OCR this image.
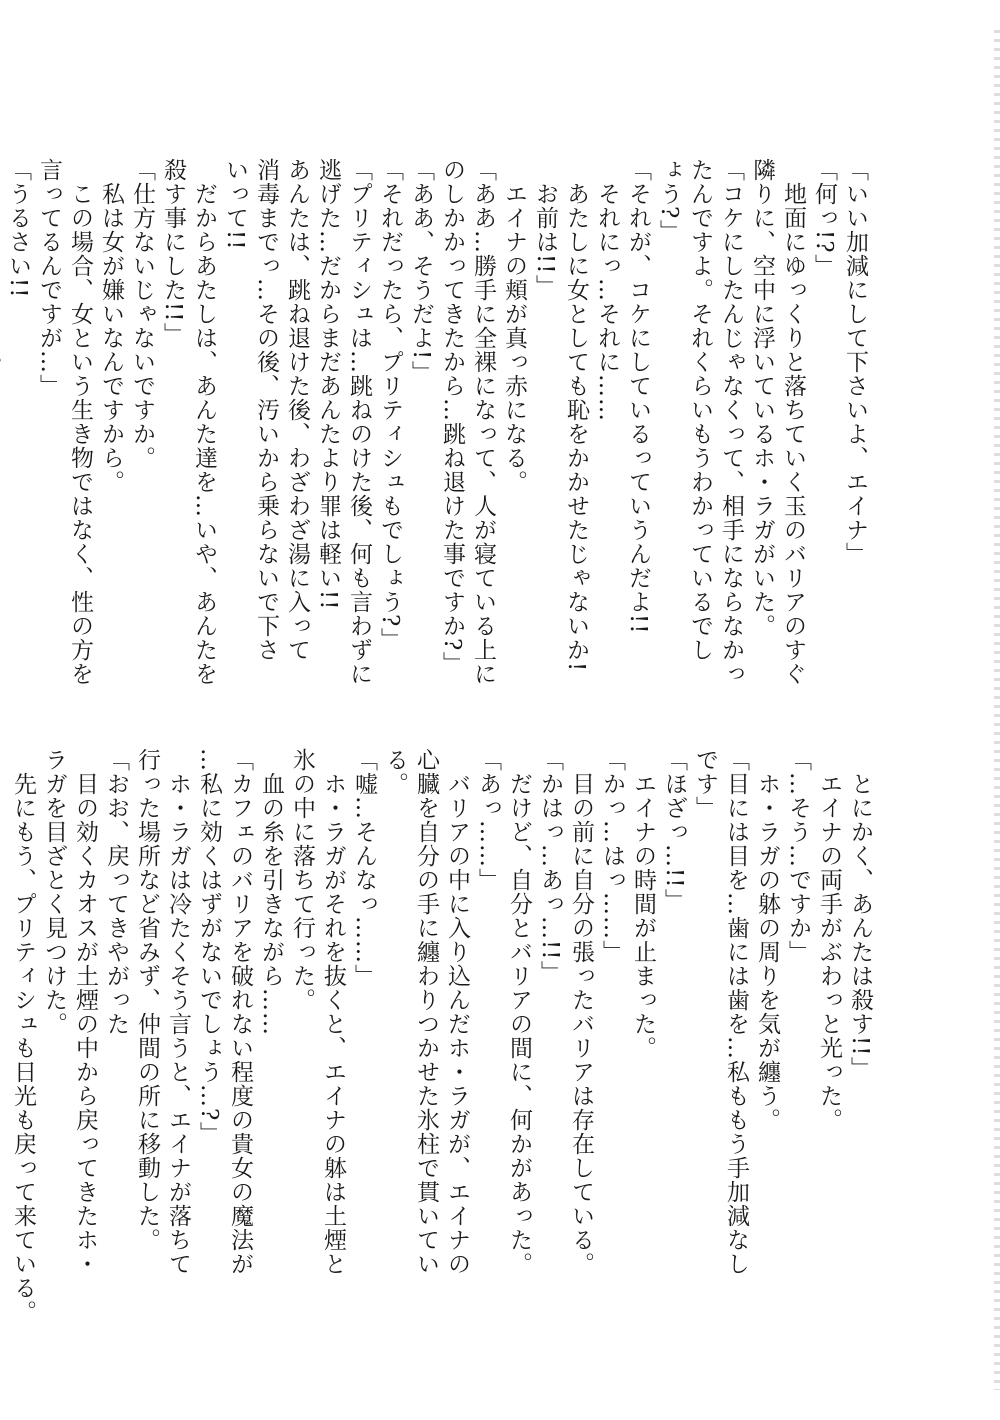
「いい加減にして下さいよ、エイナ」
「何っ!?」
　地面にゆっくりと落ちていく玉のバリアのすぐ
隣りに、空中に浮いているホ・ラガがいた。
「コケにしたんじゃなくって、相手にならなかっ
たんですよ。それくらいもうわかっているでし
ょう?」
「それが、コケにしているっていうんだよ!!
　それにっ…それに……
　あたしに女としても恥をかかせたじゃないか!
　お前は!!」
　エイナの頬が真っ赤になる。
「ああ…勝手に全裸になって、人が寝ている上に
のしかかってきたから…跳ね退けた事ですか?」
「ああ、そうだよ!」
「それだったら、プリティシュもでしょう?」
「プリティシュは…跳ねのけた後、何も言わずに
逃げた…だからまだあんたより罪は軽い!!
あんたは、跳ね退けた後、わざわざ湯に入って
消毒までっ…その後、汚いから乗らないで下さ
いって!!
　だからあたしは、あんた達を…いや、あんたを
殺す事にした!!」
「仕方ないじゃないですか。
　私は女が嫌いなんですから。
　この場合、女という生き物ではなく、性の方を
言ってるんですが…」
「うるさい!!
　とにかく、あんたは殺す!!」
　エイナの両手がぶわっと光った。
「…そう…ですか」
　ホ・ラガの躰の周りを気が纏う。
「目には目を…歯には歯を…私ももう手加減なし
です」
「ほざっ…!!」
　エイナの時間が止まった。
「かっ…はっ……」
　目の前に自分の張ったバリアは存在している。
「かはっ…あっ…!!」
　だけど、自分とバリアの間に、何かがあった。
「あっ……」
　バリアの中に入り込んだホ・ラガが、エイナの
心臓を自分の手に纏わりつかせた氷柱で貫いてい
る。
「嘘…そんなっ……」
　ホ・ラガがそれを抜くと、エイナの躰は土煙と
氷の中に落ちて行った。
　血の糸を引きながら……
「カフェのバリアを破れない程度の貴女の魔法が
…私に効くはずがないでしょう…?」
　ホ・ラガは冷たくそう言うと、エイナが落ちて
行った場所など省みず、仲間の所に移動した。
「おお、戻ってきやがった
　目の効くカオスが土煙の中から戻ってきたホ・
ラガを目ざとく見つけた。
　先にもう、プリティシュも日光も戻って来ている。
